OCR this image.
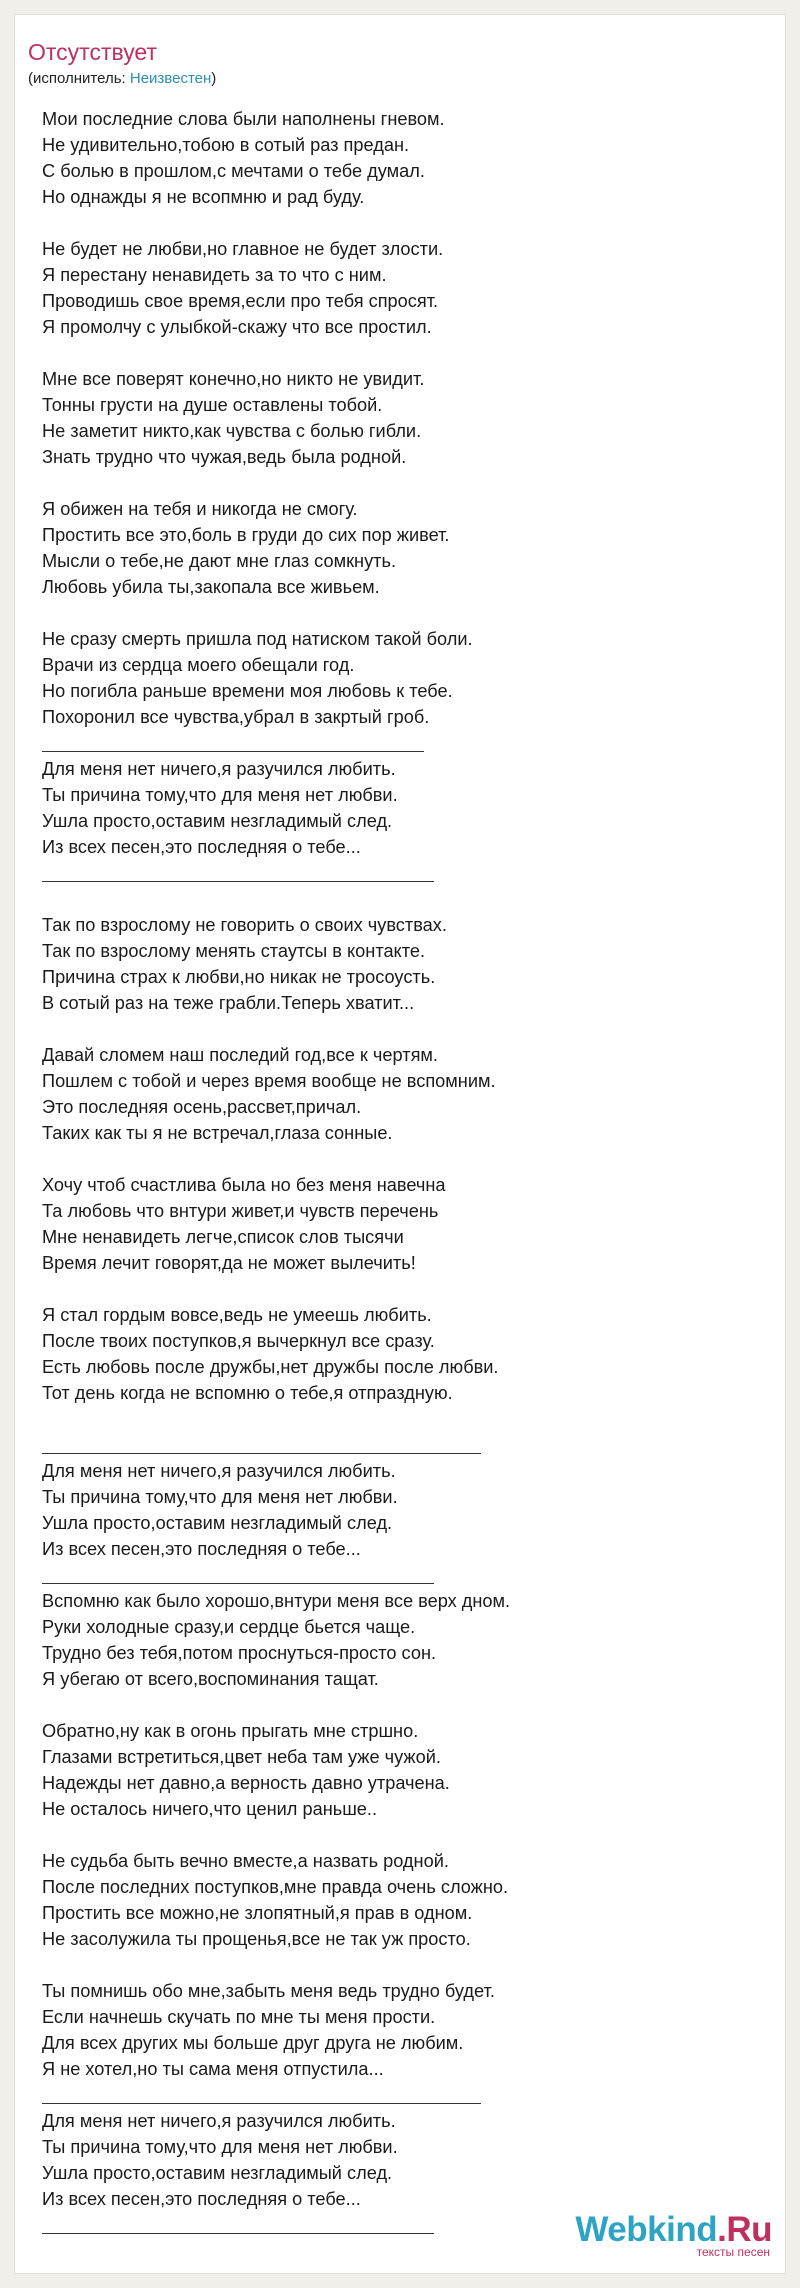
Отсутствует
(исполнитель: Неизвестен)
Мои последние слова были наполнены гневом.
Не удивительно,тобою в сотый раз предан.
С болью в прошлом,с мечтами о тебе думал.
Но однажды я не всопмню и рад буду.
Не будет не любви,но главное не будет злости.
Я перестану ненавидеть за то что с ним.
Проводишь свое время,если про тебя спросят.
Я промолчу с улыбкой-скажу что все простил.
Мне все поверят конечно,но никто не увидит.
Тонны грусти на душе оставлены тобой.
Не заметит никто,как чувства с болью гибли.
Знать трудно что чужая,ведь была родной.
Я обижен на тебя и никогда не смогу.
Простить все это,боль в груди до сих пор живет.
Мысли о тебе,не дают мне глаз сомкнуть.
Любовь убила ты,закопала все живьем.
Не сразу смерть пришла под натиском такой боли.
Врачи из сердца моего обещали год.
Но погибла раньше времени моя любовь к тебе.
Похоронил все чувства,убрал в закртый гроб.
Для меня нет ничего,я разучился любить.
Ты причина тому,что для меня нет любви.
Ушла просто,оставим незгладимый след.
Из всех песен,это последняя о тебе...
Так по взрослому не говорить о своих чувствах.
Так по взрослому менять стаутсы в контакте.
Причина страх к любви,но никак не тросоусть.
В сотый раз на теже грабли.Теперь хватит...
Давай сломем наш последий год,все к чертям.
Пошлем с тобой и через время вообще не вспомним.
Это последняя осень,рассвет,причал.
Таких как ты я не встречал,глаза сонные.
Хочу чтоб счастлива была но без меня навечна
Та любовь что внтури живет,и чувств перечень
Мне ненавидеть легче,список слов тысячи
Время лечит говорят,да не может вылечить!
Я стал гордым вовсе,ведь не умеешь любить.
После твоих поступков,я вычеркнул все сразу.
Есть любовь после дружбы,нет дружбы после любви.
Тот день когда не вспомню о тебе,я отпраздную.
Для меня нет ничего,я разучился любить.
Ты причина тому,что для меня нет любви.
Ушла просто,оставим незгладимый след.
Из всех песен,это последняя о тебе...
Вспомню как было хорошо,внтури меня все верх дном.
Руки холодные сразу,и сердце бьется чаще.
Трудно без тебя,потом проснуться-просто сон.
Я убегаю от всего,воспоминания тащат.
Обратно,ну как в огонь прыгать мне стршно.
Глазами встретиться,цвет неба там уже чужой.
Надежды нет давно,а верность давно утрачена.
Не осталось ничего,что ценил раньше..
Не судьба быть вечно вместе,а назвать родной.
После последних поступков,мне правда очень сложно.
Простить все можно,не злопятный,я прав в одном.
Не засолужила ты прощенья,все не так уж просто.
Ты помнишь обо мне,забыть меня ведь трудно будет.
Если начнешь скучать по мне ты меня прости.
Для всех других мы больше друг друга не любим.
Я не хотел,но ты сама меня отпустила...
Для меня нет ничего,я разучился любить.
Ты причина тому,что для меня нет любви.
Ушла просто,оставим незгладимый след.
Из всех песен,это последняя о тебе...
Webkind.Ru
тексты песен
